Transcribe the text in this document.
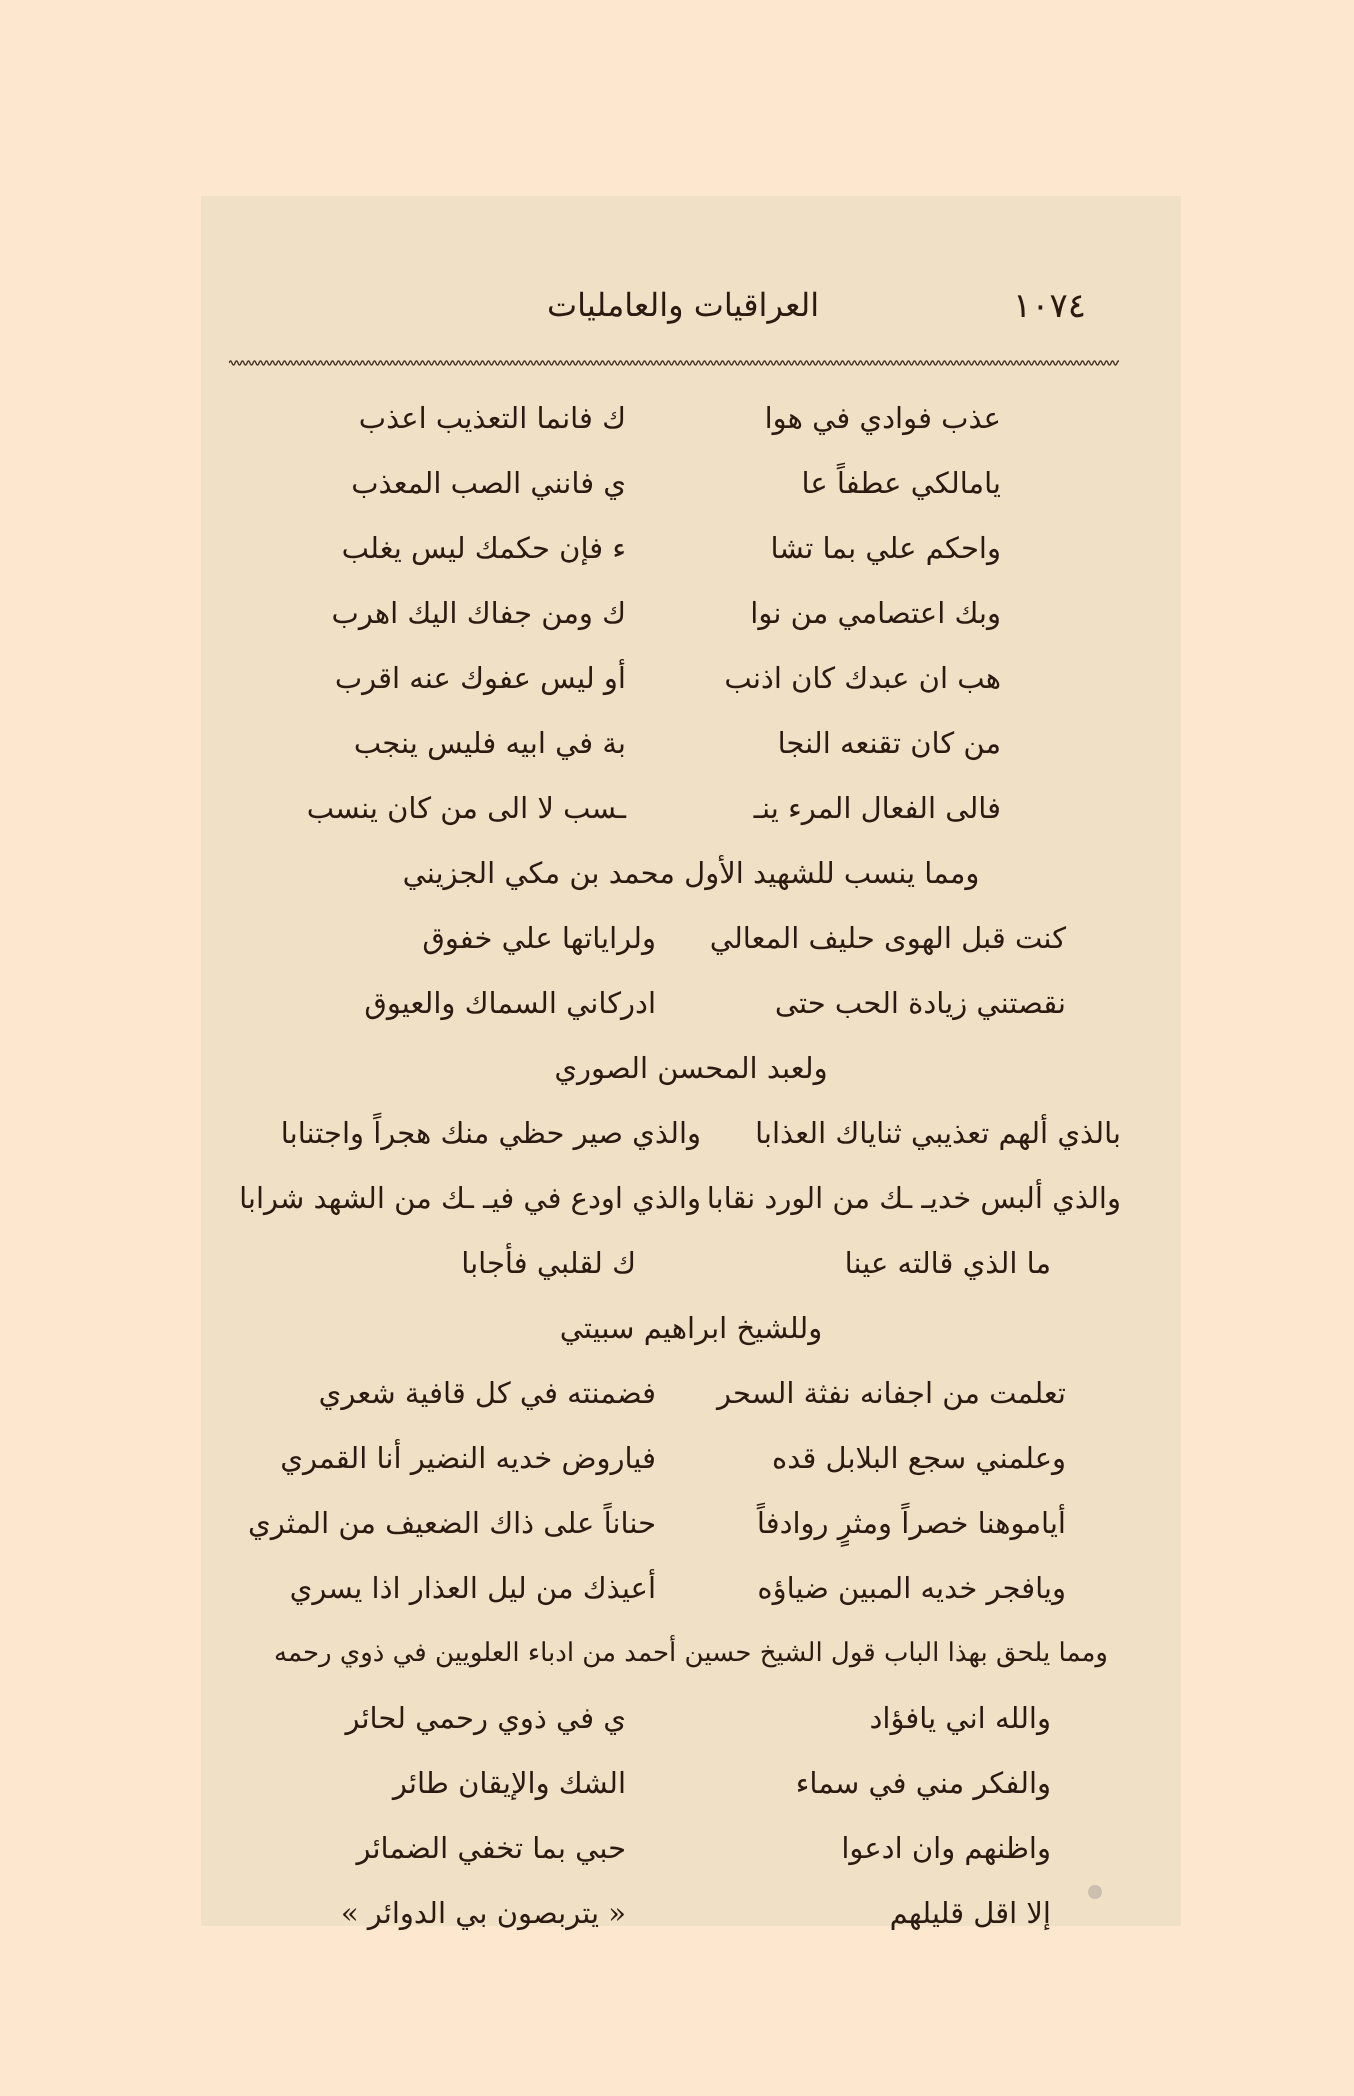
العراقيات والعامليات	١٠٧٤
عذب فوادي في هوا
ك فانما التعذيب اعذب
يامالكي عطفاً عا
ي فانني الصب المعذب
واحكم علي بما تشا
ء فإن حكمك ليس يغلب
وبك اعتصامي من نوا
ك ومن جفاك اليك اهرب
هب ان عبدك كان اذنب
أو ليس عفوك عنه اقرب
من كان تقنعه النجا
بة في ابيه فليس ينجب
فالى الفعال المرء ينـ
ـسب لا الى من كان ينسب
ومما ينسب للشهيد الأول محمد بن مكي الجزيني
كنت قبل الهوى حليف المعالي
ولراياتها علي خفوق
نقصتني زيادة الحب حتى
ادركاني السماك والعيوق
ولعبد المحسن الصوري
بالذي ألهم تعذيبي ثناياك العذابا
والذي صير حظي منك هجراً واجتنابا
والذي ألبس خديـ ـك من الورد نقابا
والذي اودع في فيـ ـك من الشهد شرابا
ما الذي قالته عينا
ك لقلبي فأجابا
وللشيخ ابراهيم سبيتي
تعلمت من اجفانه نفثة السحر
فضمنته في كل قافية شعري
وعلمني سجع البلابل قده
فياروض خديه النضير أنا القمري
أياموهنا خصراً ومثرٍ روادفاً
حناناً على ذاك الضعيف من المثري
ويافجر خديه المبين ضياؤه
أعيذك من ليل العذار اذا يسري
ومما يلحق بهذا الباب قول الشيخ حسين أحمد من ادباء العلويين في ذوي رحمه
والله اني يافؤاد
ي في ذوي رحمي لحائر
والفكر مني في سماء
الشك والإيقان طائر
واظنهم وان ادعوا
حبي بما تخفي الضمائر
إلا اقل قليلهم
« يتربصون بي الدوائر »
